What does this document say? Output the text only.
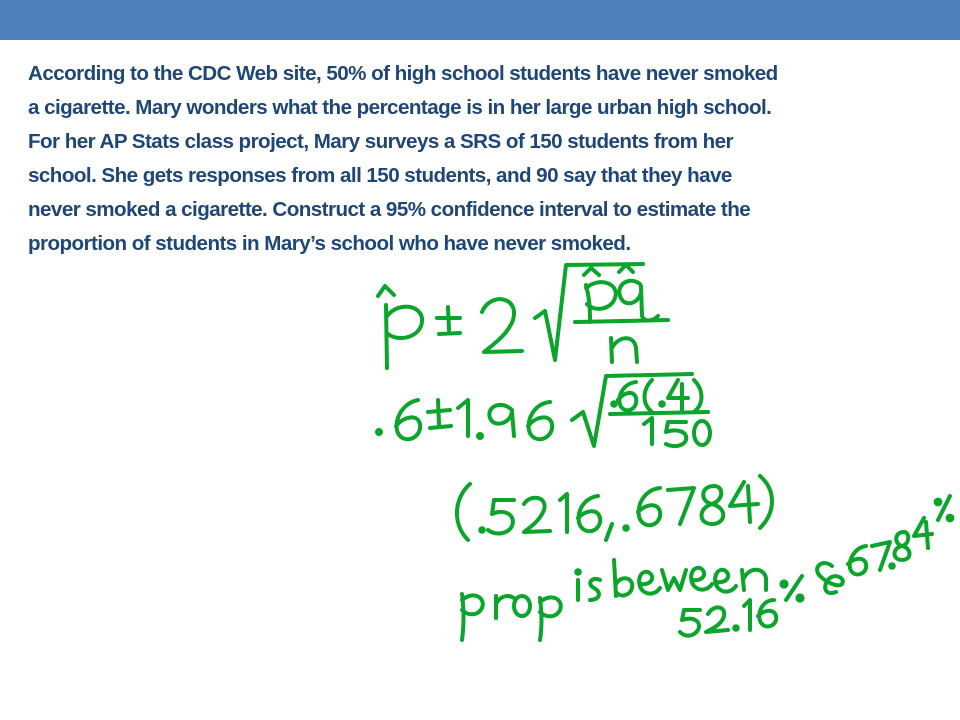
According to the CDC Web site, 50% of high school students have never smoked
a cigarette. Mary wonders what the percentage is in her large urban high school.
For her AP Stats class project, Mary surveys a SRS of 150 students from her
school. She gets responses from all 150 students, and 90 say that they have
never smoked a cigarette. Construct a 95% confidence interval to estimate the
proportion of students in Mary’s school who have never smoked.
